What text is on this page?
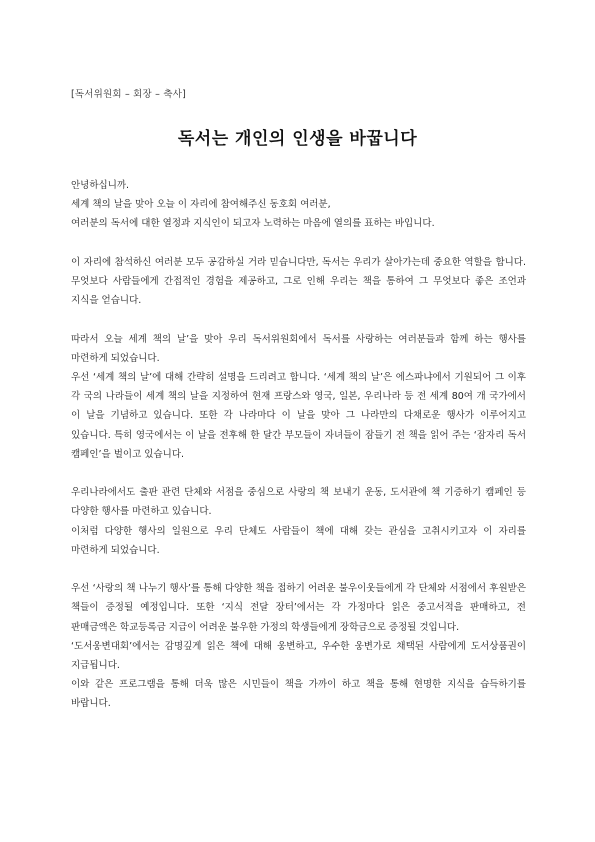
[독서위원회 – 회장 – 축사]
독서는 개인의 인생을 바꿉니다

안녕하십니까.

세계 책의 날을 맞아 오늘 이 자리에 참여해주신 동호회 여러분,

여러분의 독서에 대한 열정과 지식인이 되고자 노력하는 마음에 열의를 표하는 바입니다.

이 자리에 참석하신 여러분 모두 공감하실 거라 믿습니다만, 독서는 우리가 살아가는데 중요한 역할을 합니다. 무엇보다 사람들에게 간접적인 경험을 제공하고, 그로 인해 우리는 책을 통하여 그 무엇보다 좋은 조언과 지식을 얻습니다.

따라서 오늘 세계 책의 날’을 맞아 우리 독서위원회에서 독서를 사랑하는 여러분들과 함께 하는 행사를 마련하게 되었습니다.

우선 ‘세계 책의 날’에 대해 간략히 설명을 드리려고 합니다. ‘세계 책의 날’은 에스파냐에서 기원되어 그 이후 각 국의 나라들이 세계 책의 날을 지정하여 현재 프랑스와 영국, 일본, 우리나라 등 전 세계 80여 개 국가에서 이 날을 기념하고 있습니다. 또한 각 나라마다 이 날을 맞아 그 나라만의 다채로운 행사가 이루어지고 있습니다. 특히 영국에서는 이 날을 전후해 한 달간 부모들이 자녀들이 잠들기 전 책을 읽어 주는 ‘잠자리 독서 캠페인’을 벌이고 있습니다.

우리나라에서도 출판 관련 단체와 서점을 중심으로 사랑의 책 보내기 운동, 도서관에 책 기증하기 캠페인 등 다양한 행사를 마련하고 있습니다.

이처럼 다양한 행사의 일원으로 우리 단체도 사람들이 책에 대해 갖는 관심을 고취시키고자 이 자리를 마련하게 되었습니다.

우선 ‘사랑의 책 나누기 행사’를 통해 다양한 책을 접하기 어려운 불우이웃들에게 각 단체와 서점에서 후원받은 책들이 증정될 예정입니다. 또한 ‘지식 전달 장터’에서는 각 가정마다 읽은 중고서적을 판매하고, 전 판매금액은 학교등록금 지급이 어려운 불우한 가정의 학생들에게 장학금으로 증정될 것입니다.

‘도서웅변대회’에서는 감명깊게 읽은 책에 대해 웅변하고, 우수한 웅변가로 채택된 사람에게 도서상품권이 지급됩니다.

이와 같은 프로그램을 통해 더욱 많은 시민들이 책을 가까이 하고 책을 통해 현명한 지식을 습득하기를 바랍니다.
